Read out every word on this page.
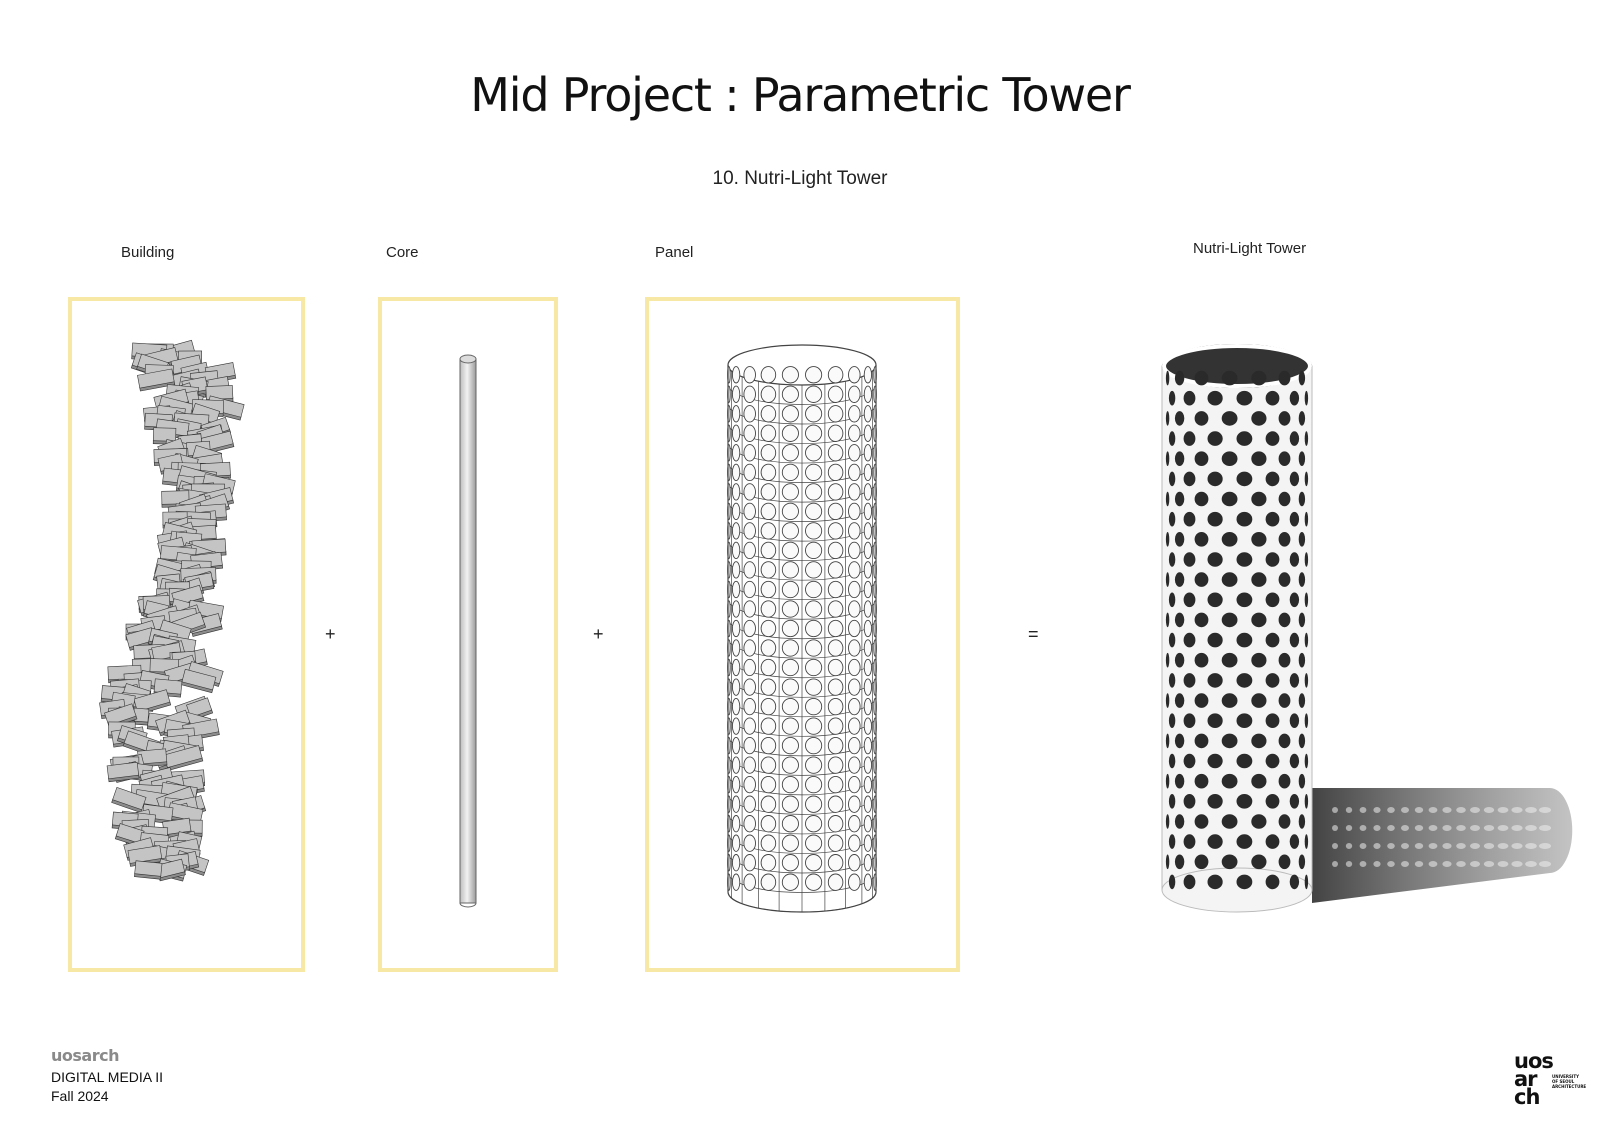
Mid Project : Parametric Tower
10. Nutri-Light Tower
Building	Core	Panel	Nutri-Light Tower
+	+	=
uosarch
DIGITAL MEDIA II
Fall 2024
uos
ar
ch
UNIVERSITY
OF SEOUL
ARCHITECTURE
